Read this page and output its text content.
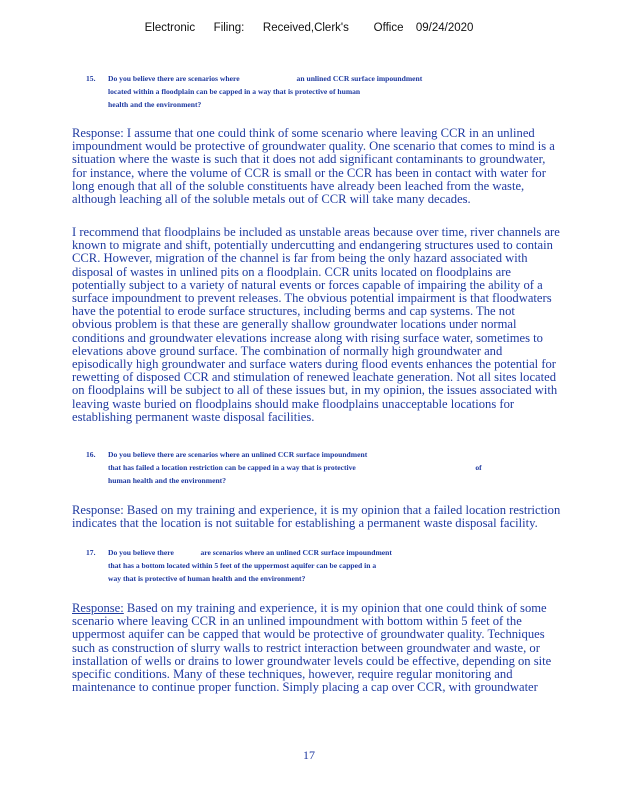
Electronic   Filing:   Received,Clerk's    Office  09/24/2020
15. Do you believe there are scenarios where                              an unlined CCR surface impoundment
located within a floodplain can be capped in a way that is protective of human
health and the environment?
Response: I assume that one could think of some scenario where leaving CCR in an unlined
impoundment would be protective of groundwater quality. One scenario that comes to mind is a
situation where the waste is such that it does not add significant contaminants to groundwater,
for instance, where the volume of CCR is small or the CCR has been in contact with water for
long enough that all of the soluble constituents have already been leached from the waste,
although leaching all of the soluble metals out of CCR will take many decades.
I recommend that floodplains be included as unstable areas because over time, river channels are
known to migrate and shift, potentially undercutting and endangering structures used to contain
CCR. However, migration of the channel is far from being the only hazard associated with
disposal of wastes in unlined pits on a floodplain. CCR units located on floodplains are
potentially subject to a variety of natural events or forces capable of impairing the ability of a
surface impoundment to prevent releases. The obvious potential impairment is that floodwaters
have the potential to erode surface structures, including berms and cap systems. The not
obvious problem is that these are generally shallow groundwater locations under normal
conditions and groundwater elevations increase along with rising surface water, sometimes to
elevations above ground surface. The combination of normally high groundwater and
episodically high groundwater and surface waters during flood events enhances the potential for
rewetting of disposed CCR and stimulation of renewed leachate generation. Not all sites located
on floodplains will be subject to all of these issues but, in my opinion, the issues associated with
leaving waste buried on floodplains should make floodplains unacceptable locations for
establishing permanent waste disposal facilities.
16. Do you believe there are scenarios where an unlined CCR surface impoundment
that has failed a location restriction can be capped in a way that is protective                                                               of
human health and the environment?
Response: Based on my training and experience, it is my opinion that a failed location restriction
indicates that the location is not suitable for establishing a permanent waste disposal facility.
17. Do you believe there              are scenarios where an unlined CCR surface impoundment
that has a bottom located within 5 feet of the uppermost aquifer can be capped in a
way that is protective of human health and the environment?
Response: Based on my training and experience, it is my opinion that one could think of some
scenario where leaving CCR in an unlined impoundment with bottom within 5 feet of the
uppermost aquifer can be capped that would be protective of groundwater quality. Techniques
such as construction of slurry walls to restrict interaction between groundwater and waste, or
installation of wells or drains to lower groundwater levels could be effective, depending on site
specific conditions. Many of these techniques, however, require regular monitoring and
maintenance to continue proper function. Simply placing a cap over CCR, with groundwater
17
